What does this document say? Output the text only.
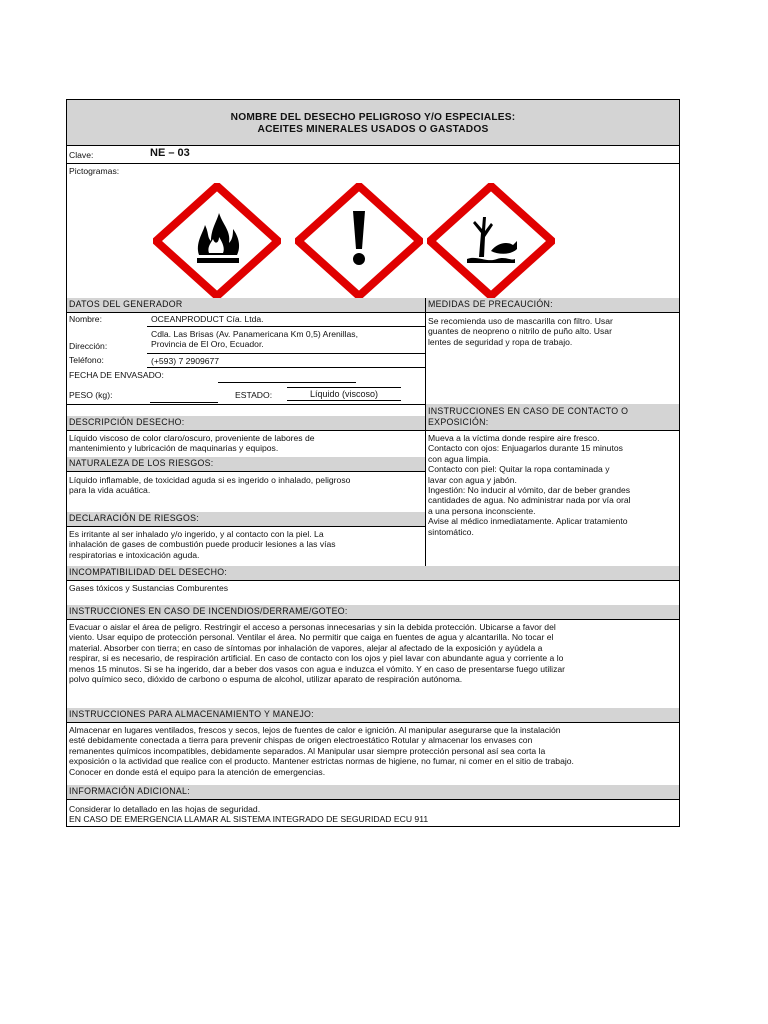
NOMBRE DEL DESECHO PELIGROSO Y/O ESPECIALES:
ACEITES MINERALES USADOS O GASTADOS
Clave:	NE – 03
Pictogramas:
DATOS DEL GENERADOR
Nombre:	OCEANPRODUCT Cía. Ltda.
Cdla. Las Brisas (Av. Panamericana Km 0,5) Arenillas,
Dirección:	Provincia de El Oro, Ecuador.
Teléfono:	(+593) 7 2909677
FECHA DE ENVASADO:
PESO (kg):	ESTADO:	Líquido (viscoso)
MEDIDAS DE PRECAUCIÓN:
Se recomienda uso de mascarilla con filtro. Usar
guantes de neopreno o nitrilo de puño alto. Usar
lentes de seguridad y ropa de trabajo.
INSTRUCCIONES EN CASO DE CONTACTO O
EXPOSICIÓN:
Mueva a la víctima donde respire aire fresco.
Contacto con ojos: Enjuagarlos durante 15 minutos
con agua limpia.
Contacto con piel: Quitar la ropa contaminada y
lavar con agua y jabón.
Ingestión: No inducir al vómito, dar de beber grandes
cantidades de agua. No administrar nada por vía oral
a una persona inconsciente.
Avise al médico inmediatamente. Aplicar tratamiento
sintomático.
DESCRIPCIÓN DESECHO:
Líquido viscoso de color claro/oscuro, proveniente de labores de
mantenimiento y lubricación de maquinarias y equipos.
NATURALEZA DE LOS RIESGOS:
Líquido inflamable, de toxicidad aguda si es ingerido o inhalado, peligroso
para la vida acuática.
DECLARACIÓN DE RIESGOS:
Es irritante al ser inhalado y/o ingerido, y al contacto con la piel. La
inhalación de gases de combustión puede producir lesiones a las vías
respiratorias e intoxicación aguda.
INCOMPATIBILIDAD DEL DESECHO:
Gases tóxicos y Sustancias Comburentes
INSTRUCCIONES EN CASO DE INCENDIOS/DERRAME/GOTEO:
Evacuar o aislar el área de peligro. Restringir el acceso a personas innecesarias y sin la debida protección. Ubicarse a favor del
viento. Usar equipo de protección personal. Ventilar el área. No permitir que caiga en fuentes de agua y alcantarilla. No tocar el
material. Absorber con tierra; en caso de síntomas por inhalación de vapores, alejar al afectado de la exposición y ayúdela a
respirar, si es necesario, de respiración artificial. En caso de contacto con los ojos y piel lavar con abundante agua y corriente a lo
menos 15 minutos. Si se ha ingerido, dar a beber dos vasos con agua e induzca el vómito. Y en caso de presentarse fuego utilizar
polvo químico seco, dióxido de carbono o espuma de alcohol, utilizar aparato de respiración autónoma.
INSTRUCCIONES PARA ALMACENAMIENTO Y MANEJO:
Almacenar en lugares ventilados, frescos y secos, lejos de fuentes de calor e ignición. Al manipular asegurarse que la instalación
esté debidamente conectada a tierra para prevenir chispas de origen electroestático Rotular y almacenar los envases con
remanentes químicos incompatibles, debidamente separados. Al Manipular usar siempre protección personal así sea corta la
exposición o la actividad que realice con el producto. Mantener estrictas normas de higiene, no fumar, ni comer en el sitio de trabajo.
Conocer en donde está el equipo para la atención de emergencias.
INFORMACIÓN ADICIONAL:
Considerar lo detallado en las hojas de seguridad.
EN CASO DE EMERGENCIA LLAMAR AL SISTEMA INTEGRADO DE SEGURIDAD ECU 911
